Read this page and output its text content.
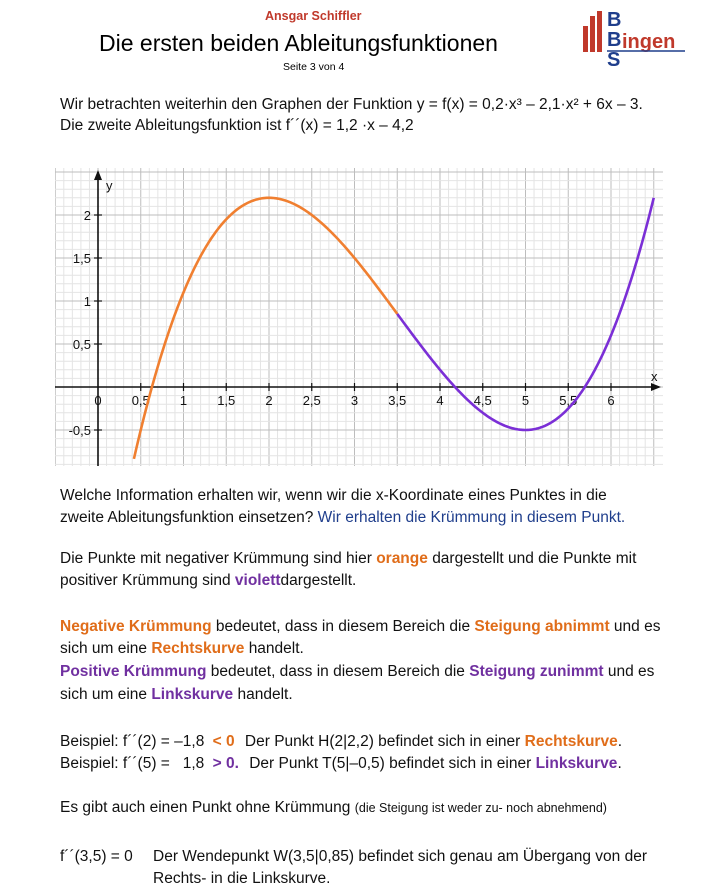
Ansgar Schiffler
Die ersten beiden Ableitungsfunktionen
Seite 3 von 4
B
B
S
ingen
Wir betrachten weiterhin den Graphen der Funktion y = f(x) = 0,2·x³ – 2,1·x² + 6x – 3.
Die zweite Ableitungsfunktion ist f´´(x) = 1,2 ·x – 4,2
x
y
0 0,5 1 1,5 2 2,5 3 3,5 4 4,5 5 5,5 6
-0,5
0,5
1
1,5
2
Welche Information erhalten wir, wenn wir die x-Koordinate eines Punktes in die
zweite Ableitungsfunktion einsetzen? Wir erhalten die Krümmung in diesem Punkt.
Die Punkte mit negativer Krümmung sind hier orange dargestellt und die Punkte mit
positiver Krümmung sind violettdargestellt.
Negative Krümmung bedeutet, dass in diesem Bereich die Steigung abnimmt und es
sich um eine Rechtskurve handelt.
Positive Krümmung bedeutet, dass in diesem Bereich die Steigung zunimmt und es
sich um eine Linkskurve handelt.
Beispiel: f´´(2) = –1,8 < 0 Der Punkt H(2|2,2) befindet sich in einer Rechtskurve.
Beispiel: f´´(5) =   1,8 > 0. Der Punkt T(5|–0,5) befindet sich in einer Linkskurve.
Es gibt auch einen Punkt ohne Krümmung (die Steigung ist weder zu- noch abnehmend)
f´´(3,5) = 0 Der Wendepunkt W(3,5|0,85) befindet sich genau am Übergang von der
Rechts- in die Linkskurve.
